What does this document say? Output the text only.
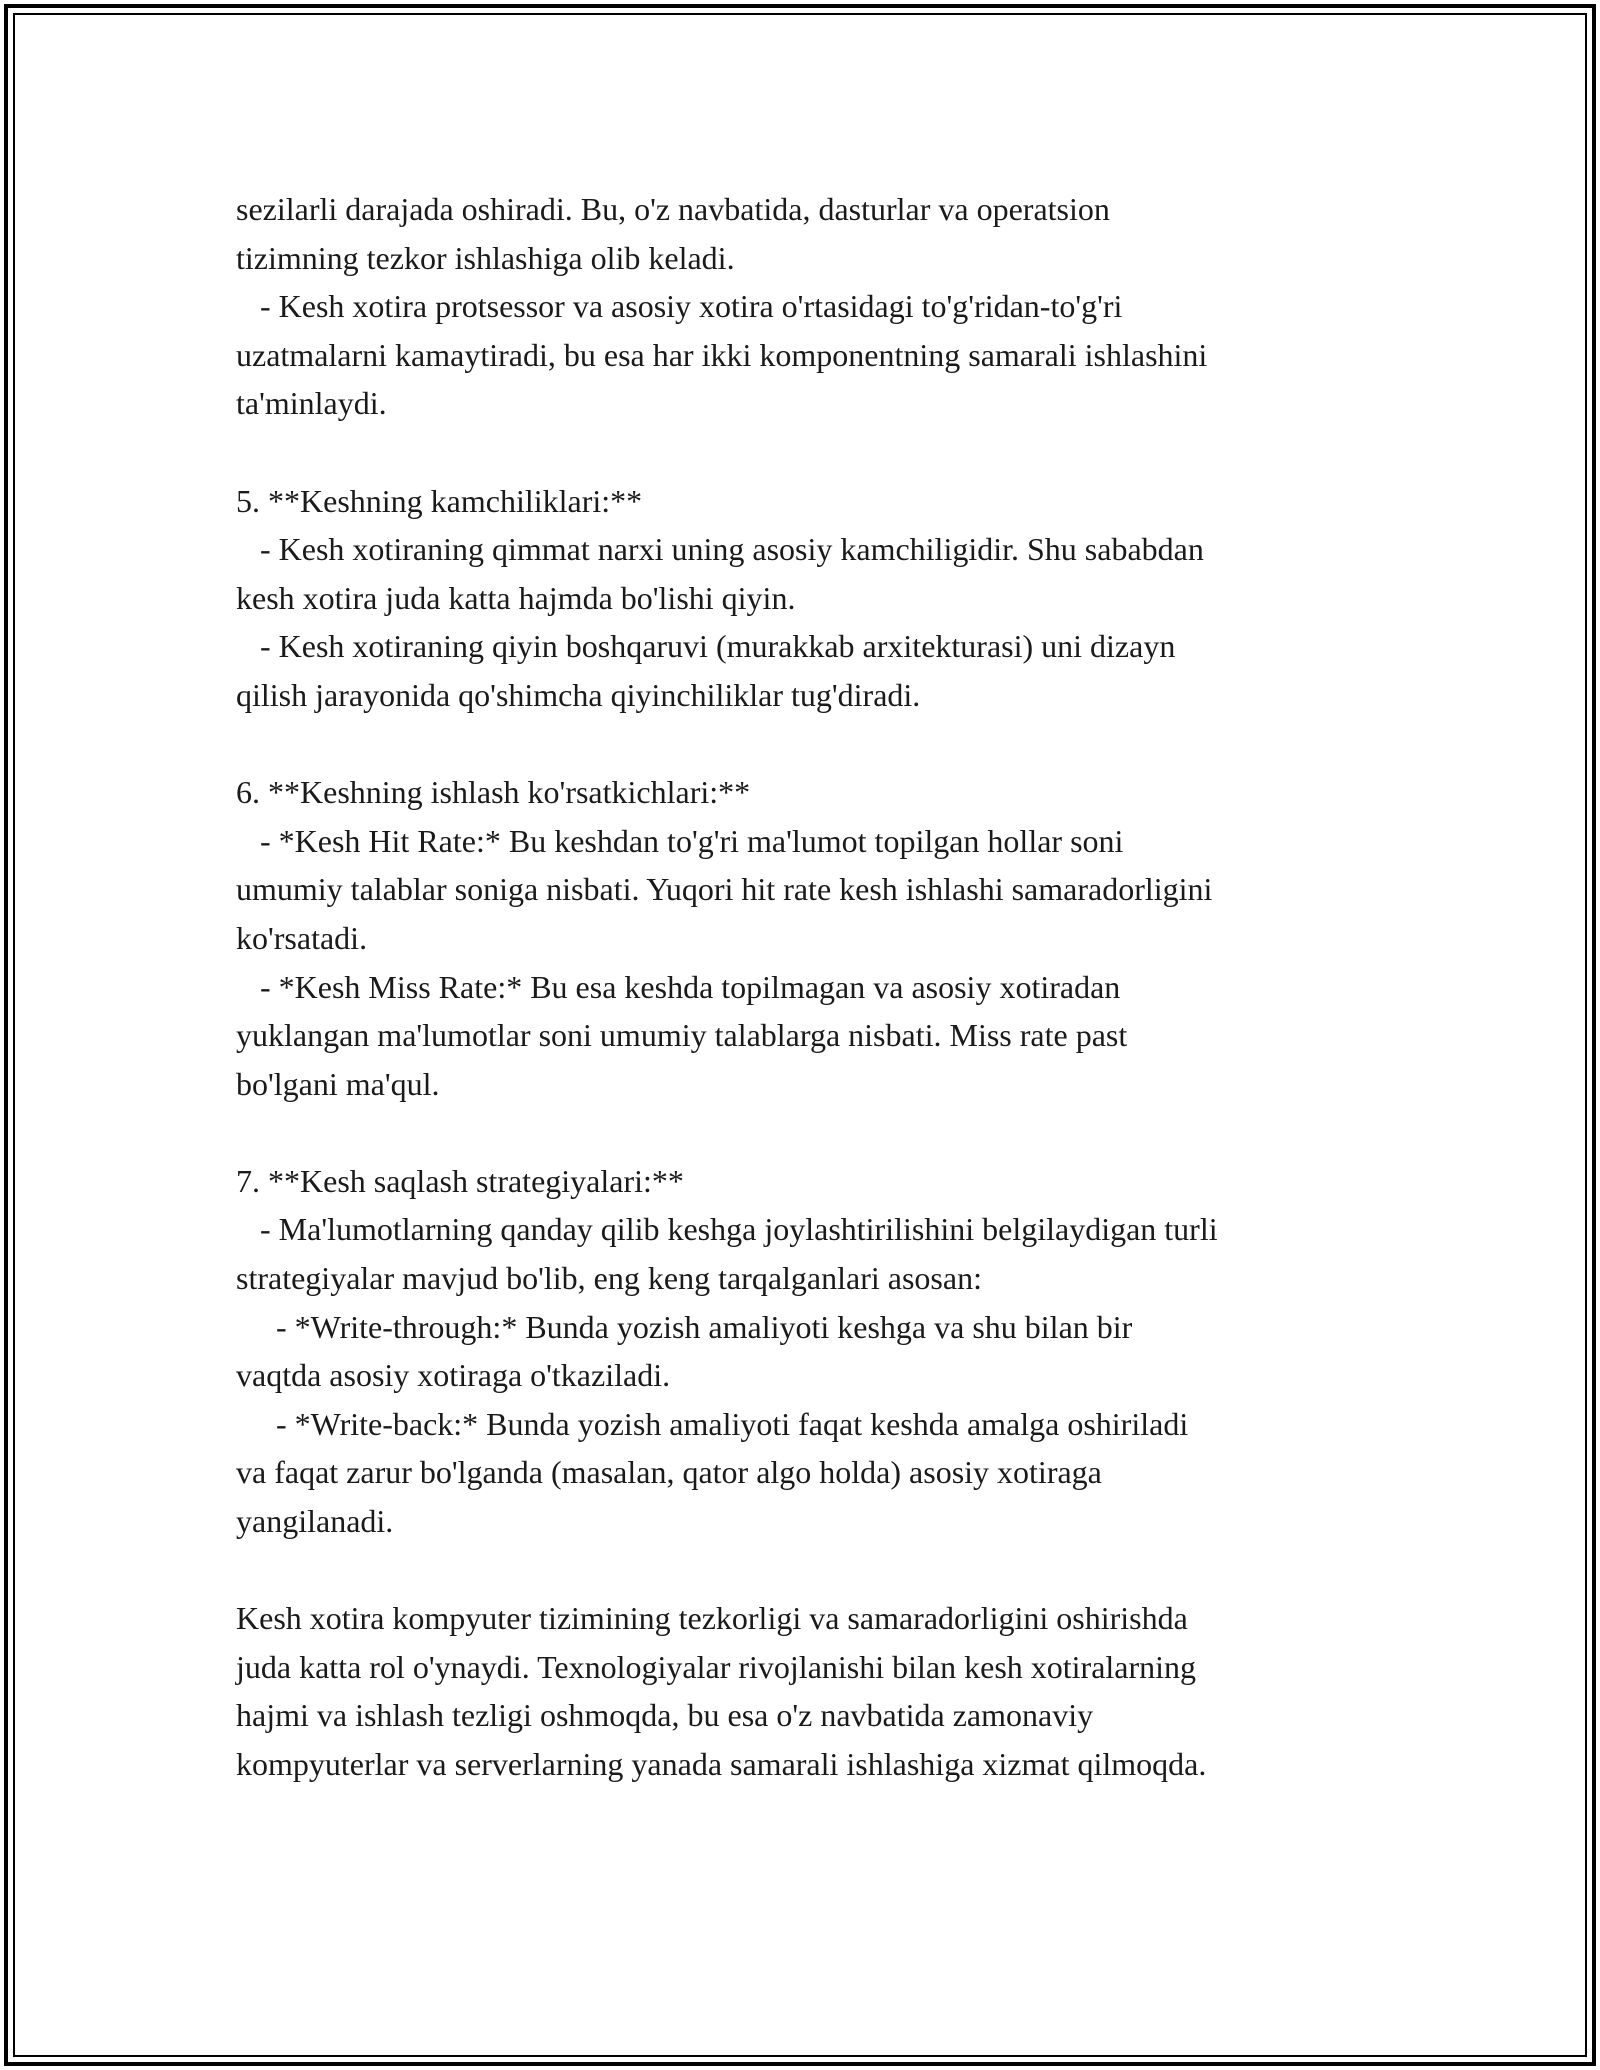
sezilarli darajada oshiradi. Bu, o'z navbatida, dasturlar va operatsion
tizimning tezkor ishlashiga olib keladi.
- Kesh xotira protsessor va asosiy xotira o'rtasidagi to'g'ridan-to'g'ri
uzatmalarni kamaytiradi, bu esa har ikki komponentning samarali ishlashini
ta'minlaydi.
5. **Keshning kamchiliklari:**
- Kesh xotiraning qimmat narxi uning asosiy kamchiligidir. Shu sababdan
kesh xotira juda katta hajmda bo'lishi qiyin.
- Kesh xotiraning qiyin boshqaruvi (murakkab arxitekturasi) uni dizayn
qilish jarayonida qo'shimcha qiyinchiliklar tug'diradi.
6. **Keshning ishlash ko'rsatkichlari:**
- *Kesh Hit Rate:* Bu keshdan to'g'ri ma'lumot topilgan hollar soni
umumiy talablar soniga nisbati. Yuqori hit rate kesh ishlashi samaradorligini
ko'rsatadi.
- *Kesh Miss Rate:* Bu esa keshda topilmagan va asosiy xotiradan
yuklangan ma'lumotlar soni umumiy talablarga nisbati. Miss rate past
bo'lgani ma'qul.
7. **Kesh saqlash strategiyalari:**
- Ma'lumotlarning qanday qilib keshga joylashtirilishini belgilaydigan turli
strategiyalar mavjud bo'lib, eng keng tarqalganlari asosan:
- *Write-through:* Bunda yozish amaliyoti keshga va shu bilan bir
vaqtda asosiy xotiraga o'tkaziladi.
- *Write-back:* Bunda yozish amaliyoti faqat keshda amalga oshiriladi
va faqat zarur bo'lganda (masalan, qator algo holda) asosiy xotiraga
yangilanadi.
Kesh xotira kompyuter tizimining tezkorligi va samaradorligini oshirishda
juda katta rol o'ynaydi. Texnologiyalar rivojlanishi bilan kesh xotiralarning
hajmi va ishlash tezligi oshmoqda, bu esa o'z navbatida zamonaviy
kompyuterlar va serverlarning yanada samarali ishlashiga xizmat qilmoqda.
